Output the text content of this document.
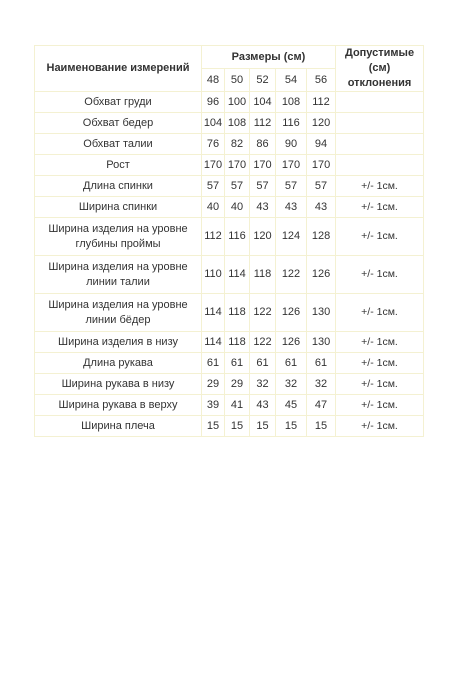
Наименование измерений	Размеры (см)					Допустимые (см) отклонения
	48	50	52	54	56	
Обхват груди	96	100	104	108	112	
Обхват бедер	104	108	112	116	120	
Обхват талии	76	82	86	90	94	
Рост	170	170	170	170	170	
Длина спинки	57	57	57	57	57	+/- 1см.
Ширина спинки	40	40	43	43	43	+/- 1см.
Ширина изделия на уровне глубины проймы	112	116	120	124	128	+/- 1см.
Ширина изделия на уровне линии талии	110	114	118	122	126	+/- 1см.
Ширина изделия на уровне линии бёдер	114	118	122	126	130	+/- 1см.
Ширина изделия в низу	114	118	122	126	130	+/- 1см.
Длина рукава	61	61	61	61	61	+/- 1см.
Ширина рукава в низу	29	29	32	32	32	+/- 1см.
Ширина рукава в верху	39	41	43	45	47	+/- 1см.
Ширина плеча	15	15	15	15	15	+/- 1см.
